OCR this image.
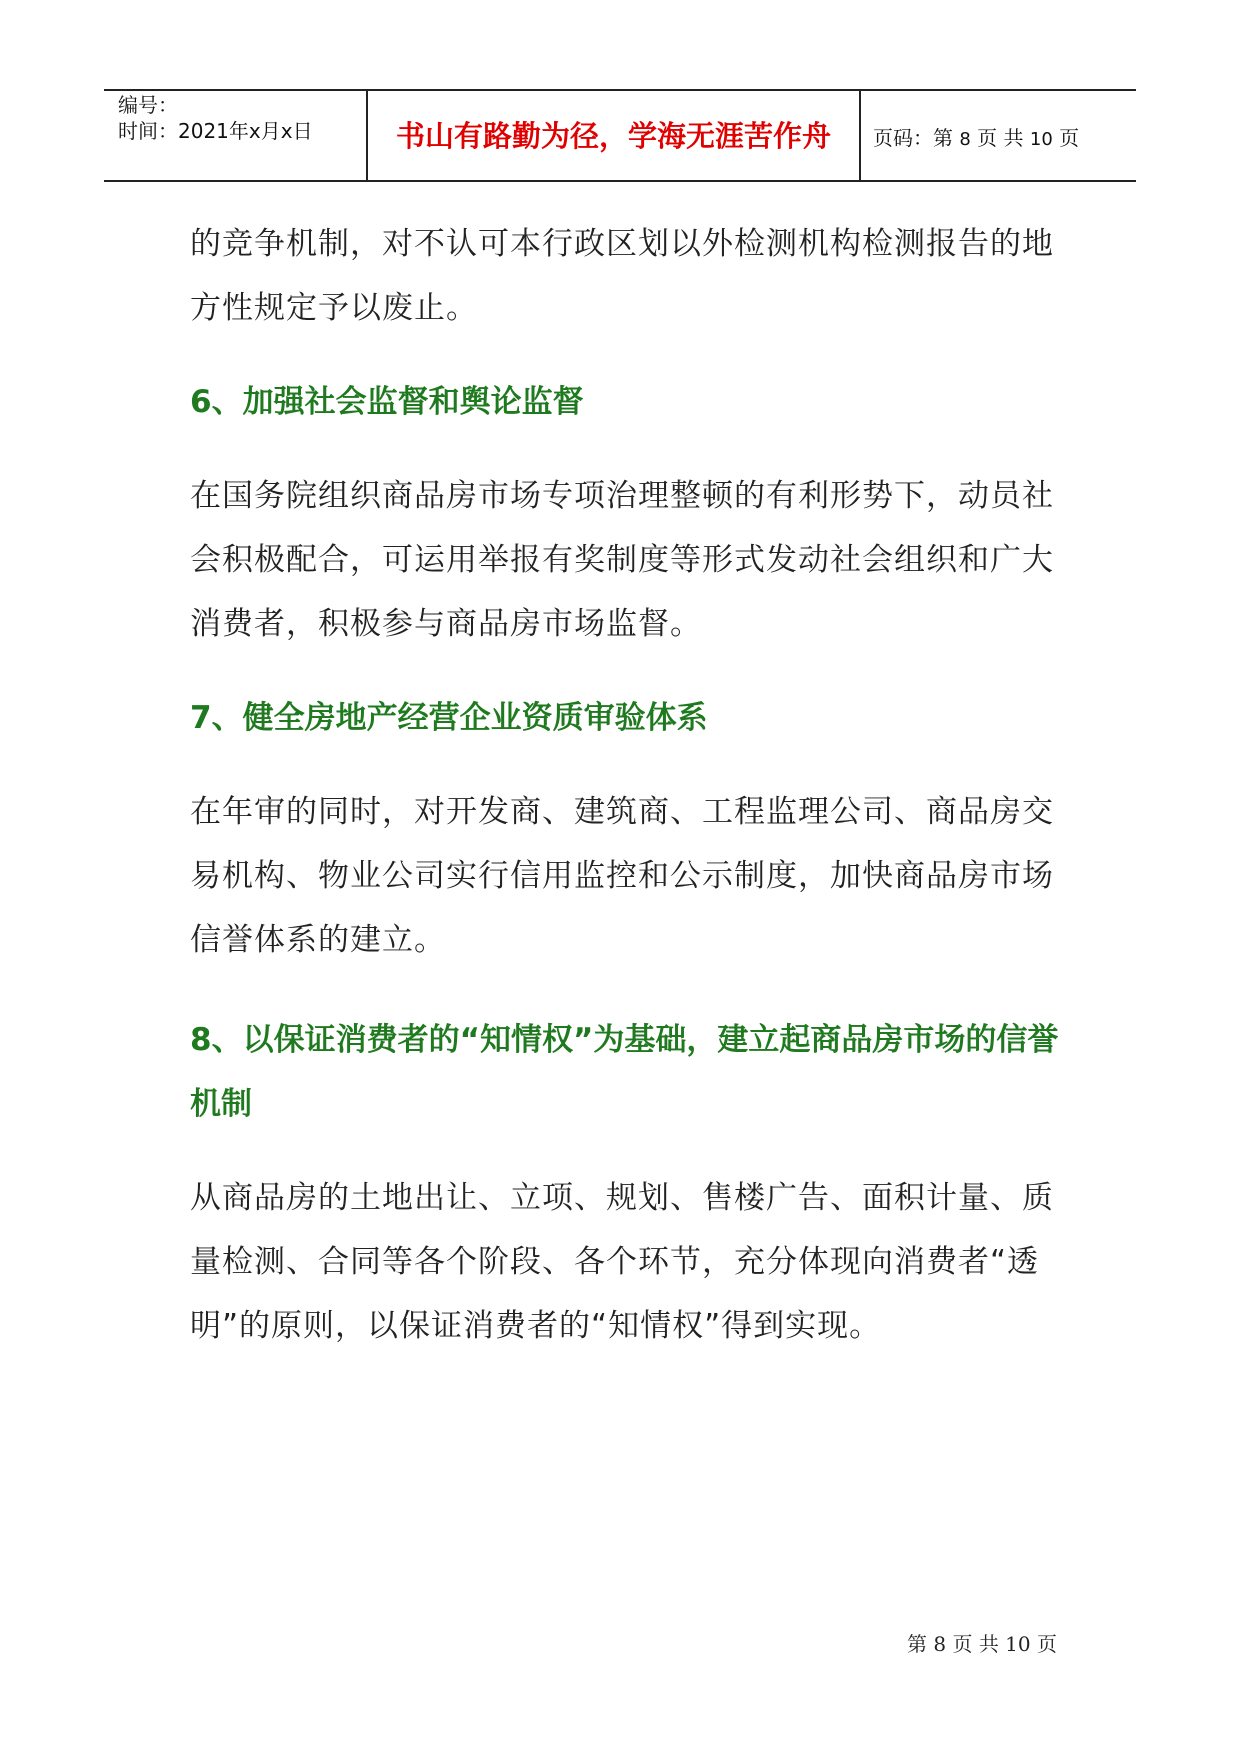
编号：
时间：2021年x月x日	书山有路勤为径，学海无涯苦作舟	页码：第 8 页 共 10 页

的竞争机制，对不认可本行政区划以外检测机构检测报告的地方性规定予以废止。

6、加强社会监督和舆论监督

在国务院组织商品房市场专项治理整顿的有利形势下，动员社会积极配合，可运用举报有奖制度等形式发动社会组织和广大消费者，积极参与商品房市场监督。

7、健全房地产经营企业资质审验体系

在年审的同时，对开发商、建筑商、工程监理公司、商品房交易机构、物业公司实行信用监控和公示制度，加快商品房市场信誉体系的建立。

8、以保证消费者的“知情权”为基础，建立起商品房市场的信誉机制

从商品房的土地出让、立项、规划、售楼广告、面积计量、质量检测、合同等各个阶段、各个环节，充分体现向消费者“透明”的原则，以保证消费者的“知情权”得到实现。

第 8 页 共 10 页
